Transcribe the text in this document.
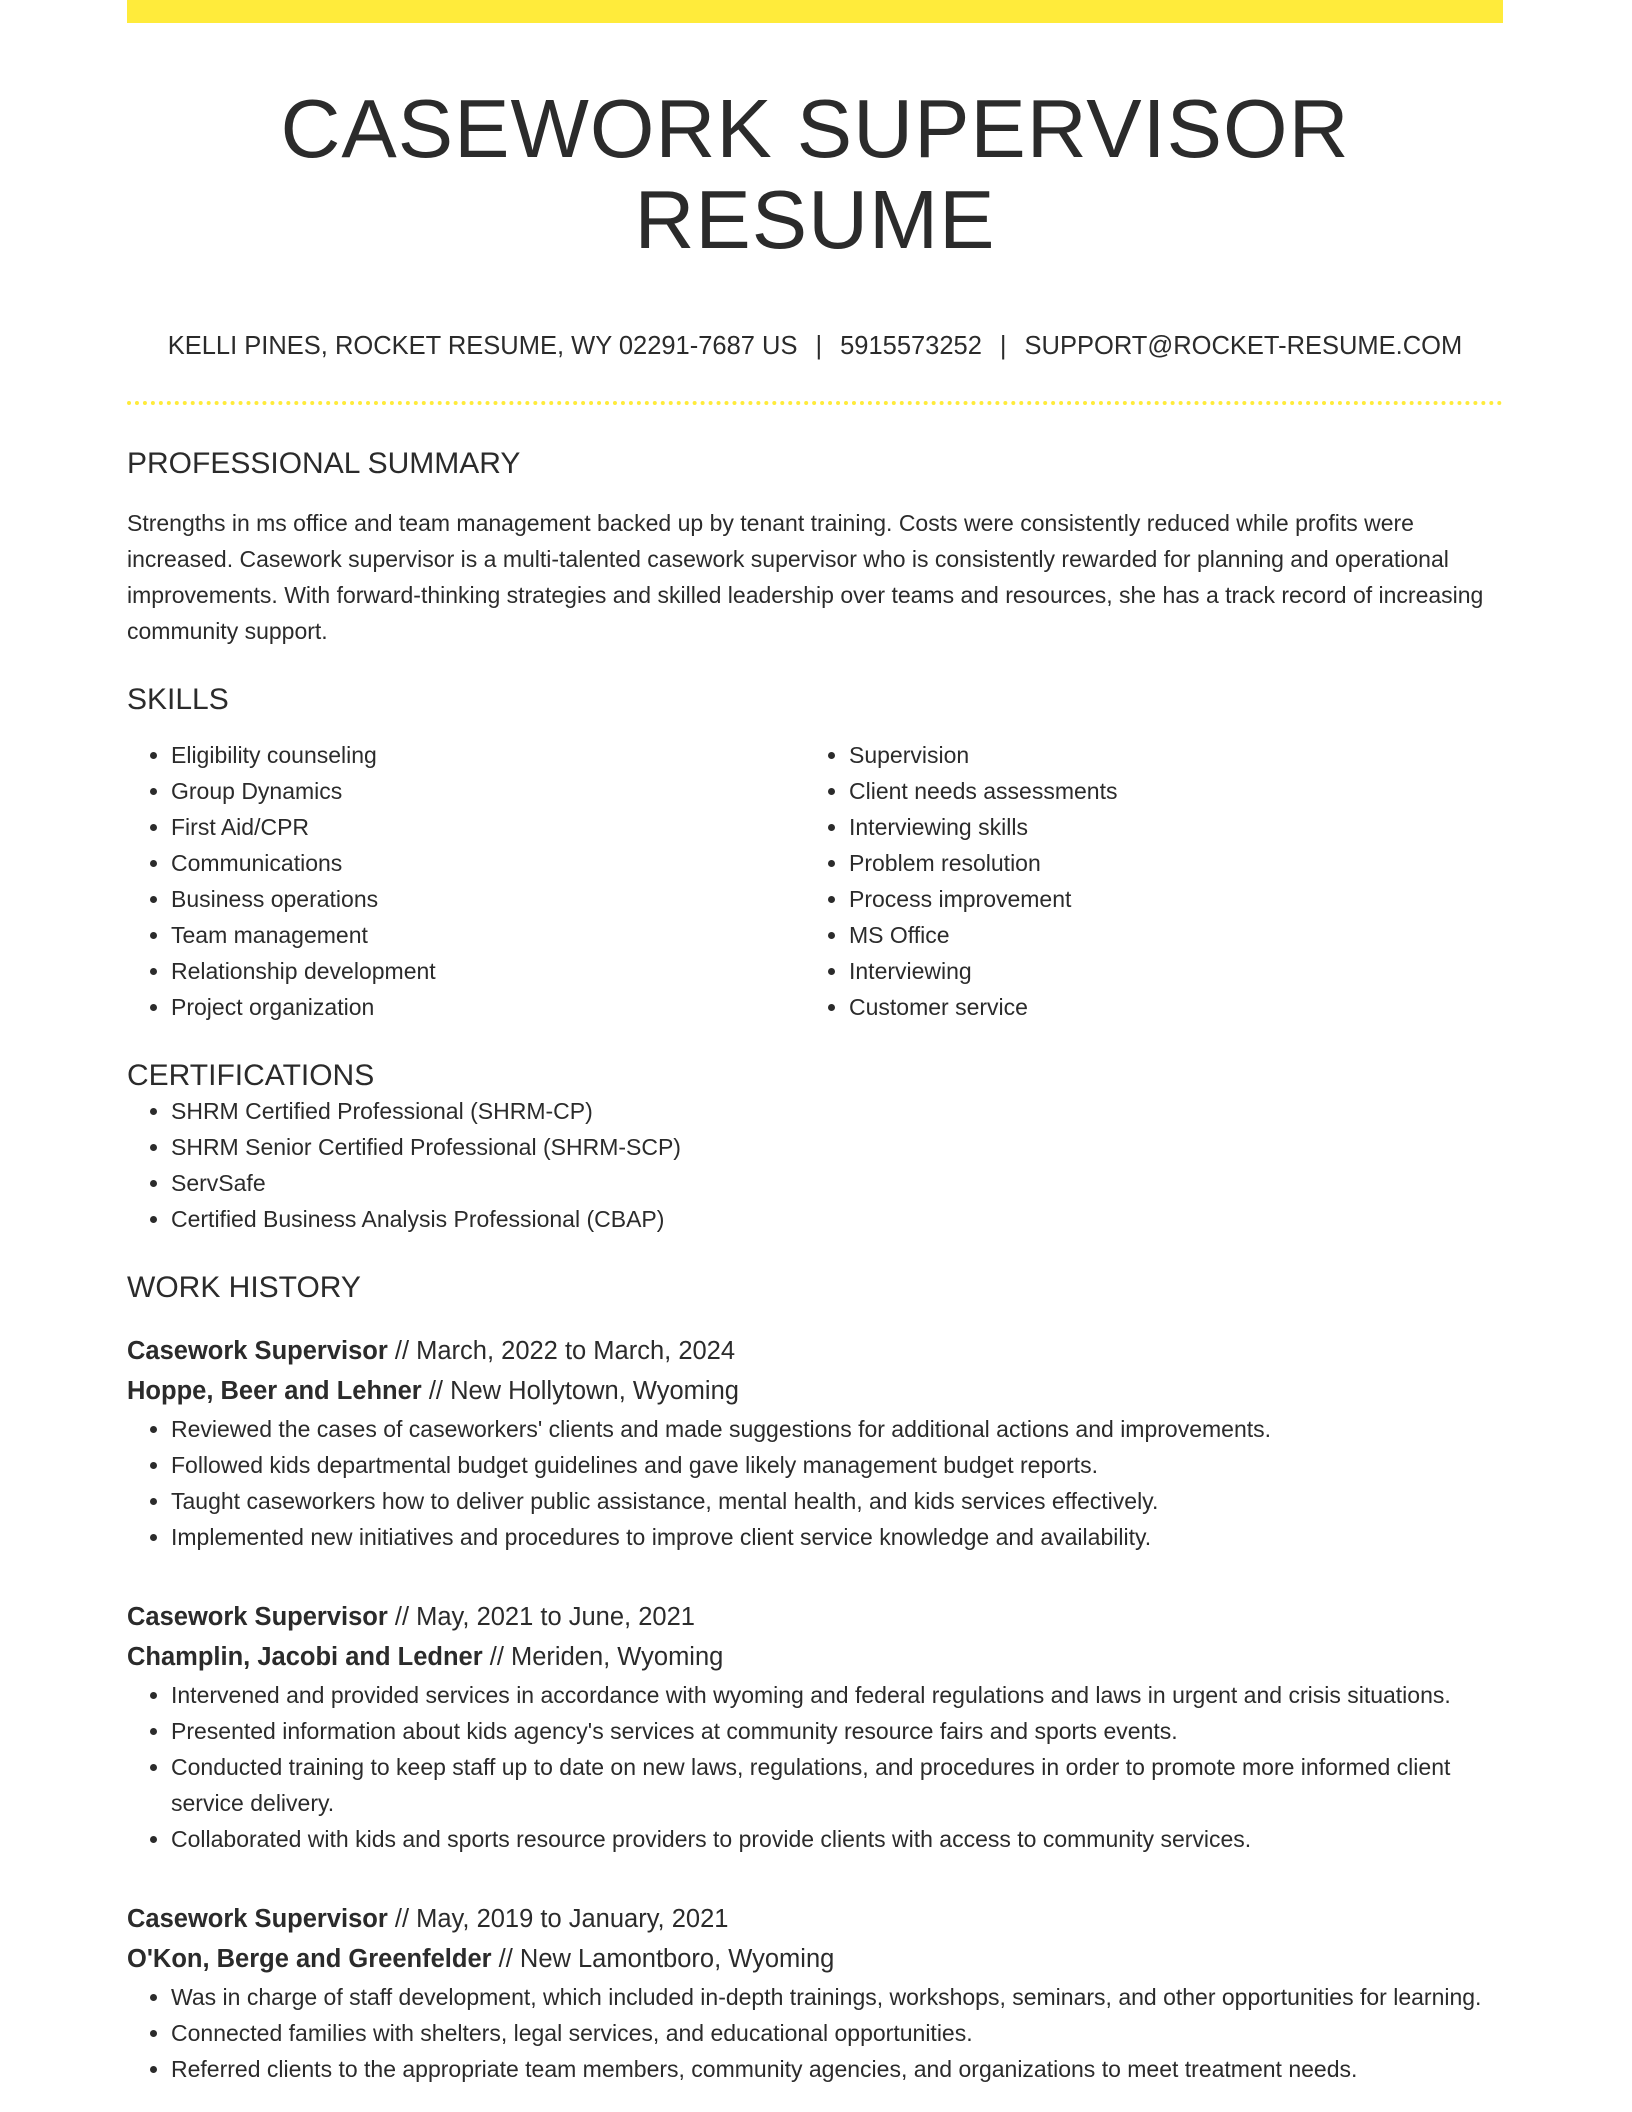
CASEWORK SUPERVISOR RESUME
KELLI PINES, ROCKET RESUME, WY 02291-7687 US | 5915573252 | SUPPORT@ROCKET-RESUME.COM
PROFESSIONAL SUMMARY

Strengths in ms office and team management backed up by tenant training. Costs were consistently reduced while profits were increased. Casework supervisor is a multi-talented casework supervisor who is consistently rewarded for planning and operational improvements. With forward-thinking strategies and skilled leadership over teams and resources, she has a track record of increasing community support.

SKILLS
• Eligibility counseling
• Group Dynamics
• First Aid/CPR
• Communications
• Business operations
• Team management
• Relationship development
• Project organization
• Supervision
• Client needs assessments
• Interviewing skills
• Problem resolution
• Process improvement
• MS Office
• Interviewing
• Customer service
CERTIFICATIONS
• SHRM Certified Professional (SHRM-CP)
• SHRM Senior Certified Professional (SHRM-SCP)
• ServSafe
• Certified Business Analysis Professional (CBAP)
WORK HISTORY
Casework Supervisor // March, 2022 to March, 2024
Hoppe, Beer and Lehner // New Hollytown, Wyoming
• Reviewed the cases of caseworkers' clients and made suggestions for additional actions and improvements.
• Followed kids departmental budget guidelines and gave likely management budget reports.
• Taught caseworkers how to deliver public assistance, mental health, and kids services effectively.
• Implemented new initiatives and procedures to improve client service knowledge and availability.
Casework Supervisor // May, 2021 to June, 2021
Champlin, Jacobi and Ledner // Meriden, Wyoming
• Intervened and provided services in accordance with wyoming and federal regulations and laws in urgent and crisis situations.
• Presented information about kids agency's services at community resource fairs and sports events.
• Conducted training to keep staff up to date on new laws, regulations, and procedures in order to promote more informed client service delivery.
• Collaborated with kids and sports resource providers to provide clients with access to community services.
Casework Supervisor // May, 2019 to January, 2021
O'Kon, Berge and Greenfelder // New Lamontboro, Wyoming
• Was in charge of staff development, which included in-depth trainings, workshops, seminars, and other opportunities for learning.
• Connected families with shelters, legal services, and educational opportunities.
• Referred clients to the appropriate team members, community agencies, and organizations to meet treatment needs.
